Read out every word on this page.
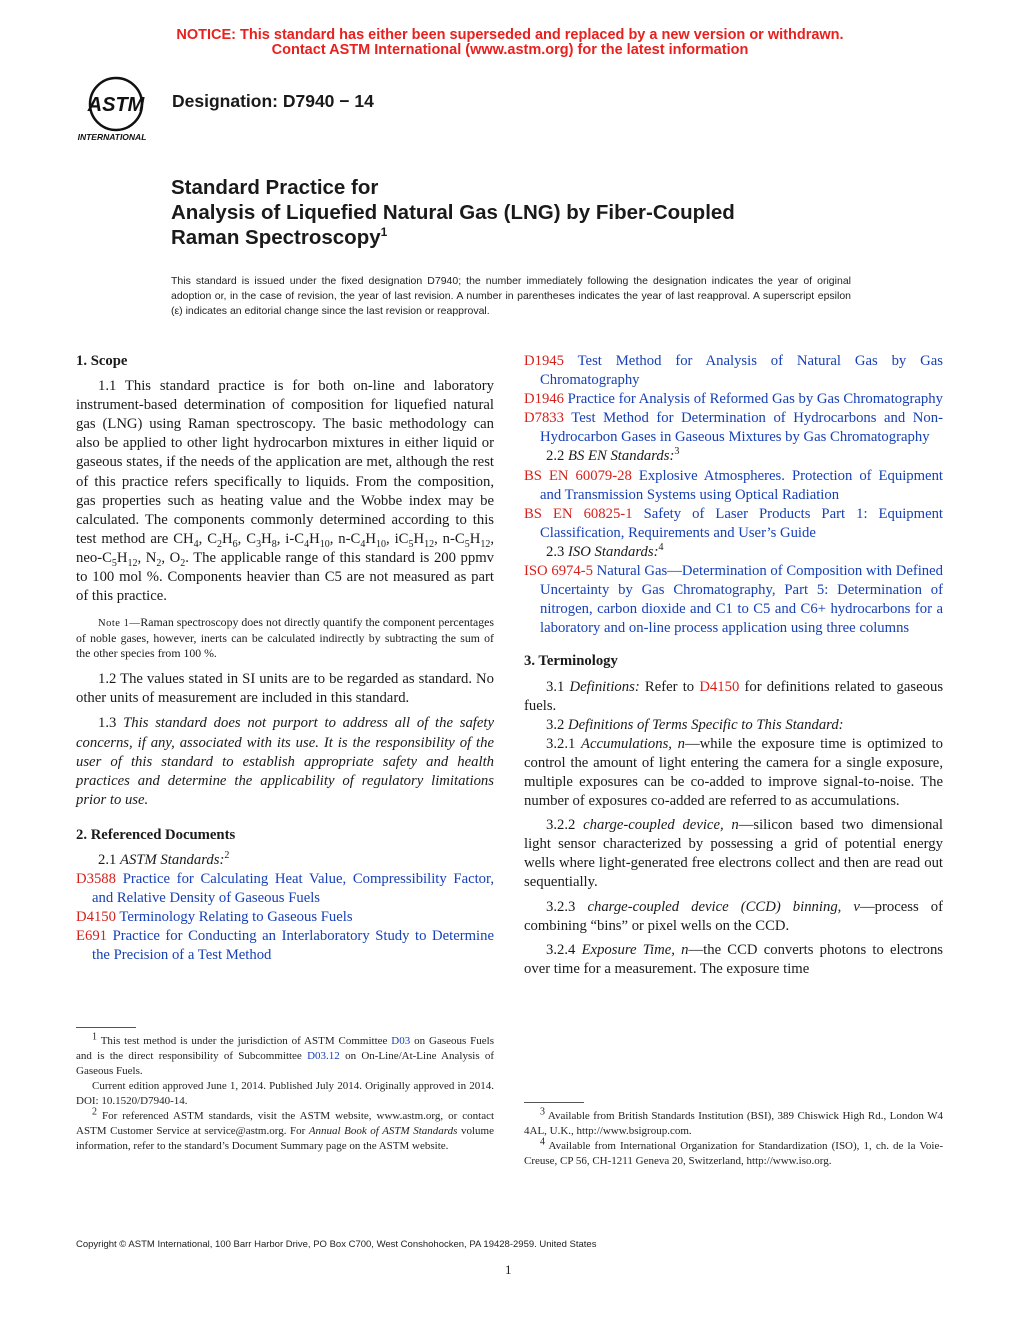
NOTICE: This standard has either been superseded and replaced by a new version or withdrawn.
Contact ASTM International (www.astm.org) for the latest information
ASTM
INTERNATIONAL
Designation: D7940 − 14
Standard Practice for
Analysis of Liquefied Natural Gas (LNG) by Fiber-Coupled
Raman Spectroscopy$^1$
This standard is issued under the fixed designation D7940; the number immediately following the designation indicates the year of original adoption or, in the case of revision, the year of last revision. A number in parentheses indicates the year of last reapproval. A superscript epsilon (ε) indicates an editorial change since the last revision or reapproval.

1. Scope

1.1 This standard practice is for both on-line and laboratory instrument-based determination of composition for liquefied natural gas (LNG) using Raman spectroscopy. The basic methodology can also be applied to other light hydrocarbon mixtures in either liquid or gaseous states, if the needs of the application are met, although the rest of this practice refers specifically to liquids. From the composition, gas properties such as heating value and the Wobbe index may be calculated. The components commonly determined according to this test method are $CH_4$, $C_2H_6$, $C_3H_8$, $i-C_4H_{10}$, $n-C_4H_{10}$, $iC_5H_{12}$, $n-C_5H_{12}$, neo-$C_5H_{12}$, $N_2$, $O_2$. The applicable range of this standard is 200 ppmv to 100 mol %. Components heavier than C5 are not measured as part of this practice.

Note 1—Raman spectroscopy does not directly quantify the component percentages of noble gases, however, inerts can be calculated indirectly by subtracting the sum of the other species from 100 %.

1.2 The values stated in SI units are to be regarded as standard. No other units of measurement are included in this standard.

1.3 This standard does not purport to address all of the safety concerns, if any, associated with its use. It is the responsibility of the user of this standard to establish appropriate safety and health practices and determine the applicability of regulatory limitations prior to use.

2. Referenced Documents

2.1 ASTM Standards:$^2$

D3588 Practice for Calculating Heat Value, Compressibility Factor, and Relative Density of Gaseous Fuels

D4150 Terminology Relating to Gaseous Fuels

E691 Practice for Conducting an Interlaboratory Study to Determine the Precision of a Test Method

$^1$ This test method is under the jurisdiction of ASTM Committee D03 on Gaseous Fuels and is the direct responsibility of Subcommittee D03.12 on On-Line/At-Line Analysis of Gaseous Fuels.

Current edition approved June 1, 2014. Published July 2014. Originally approved in 2014. DOI: 10.1520/D7940-14.

$^2$ For referenced ASTM standards, visit the ASTM website, www.astm.org, or contact ASTM Customer Service at service@astm.org. For Annual Book of ASTM Standards volume information, refer to the standard’s Document Summary page on the ASTM website.

D1945 Test Method for Analysis of Natural Gas by Gas Chromatography

D1946 Practice for Analysis of Reformed Gas by Gas Chromatography

D7833 Test Method for Determination of Hydrocarbons and Non-Hydrocarbon Gases in Gaseous Mixtures by Gas Chromatography

2.2 BS EN Standards:$^3$

BS EN 60079-28 Explosive Atmospheres. Protection of Equipment and Transmission Systems using Optical Radiation

BS EN 60825-1 Safety of Laser Products Part 1: Equipment Classification, Requirements and User’s Guide

2.3 ISO Standards:$^4$

ISO 6974-5 Natural Gas—Determination of Composition with Defined Uncertainty by Gas Chromatography, Part 5: Determination of nitrogen, carbon dioxide and C1 to C5 and C6+ hydrocarbons for a laboratory and on-line process application using three columns

3. Terminology

3.1 Definitions: Refer to D4150 for definitions related to gaseous fuels.

3.2 Definitions of Terms Specific to This Standard:

3.2.1 Accumulations, n—while the exposure time is optimized to control the amount of light entering the camera for a single exposure, multiple exposures can be co-added to improve signal-to-noise. The number of exposures co-added are referred to as accumulations.

3.2.2 charge-coupled device, n—silicon based two dimensional light sensor characterized by possessing a grid of potential energy wells where light-generated free electrons collect and then are read out sequentially.

3.2.3 charge-coupled device (CCD) binning, v—process of combining “bins” or pixel wells on the CCD.

3.2.4 Exposure Time, n—the CCD converts photons to electrons over time for a measurement. The exposure time

$^3$ Available from British Standards Institution (BSI), 389 Chiswick High Rd., London W4 4AL, U.K., http://www.bsigroup.com.

$^4$ Available from International Organization for Standardization (ISO), 1, ch. de la Voie-Creuse, CP 56, CH-1211 Geneva 20, Switzerland, http://www.iso.org.

Copyright © ASTM International, 100 Barr Harbor Drive, PO Box C700, West Conshohocken, PA 19428-2959. United States
1
